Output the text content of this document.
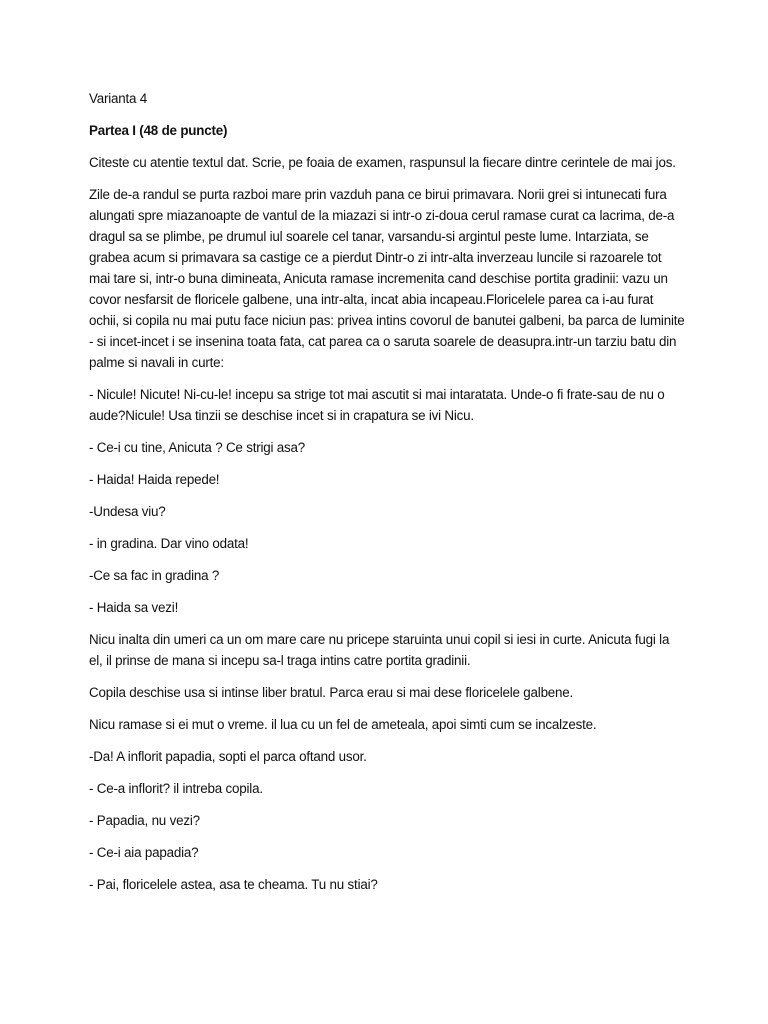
Varianta 4

Partea I (48 de puncte)

Citeste cu atentie textul dat. Scrie, pe foaia de examen, raspunsul la fiecare dintre cerintele de mai jos.

Zile de-a randul se purta razboi mare prin vazduh pana ce birui primavara. Norii grei si intunecati fura alungati spre miazanoapte de vantul de la miazazi si intr-o zi-doua cerul ramase curat ca lacrima, de-a dragul sa se plimbe, pe drumul iul soarele cel tanar, varsandu-si argintul peste lume. Intarziata, se grabea acum si primavara sa castige ce a pierdut Dintr-o zi intr-alta inverzeau luncile si razoarele tot mai tare si, intr-o buna dimineata, Anicuta ramase incremenita cand deschise portita gradinii: vazu un covor nesfarsit de floricele galbene, una intr-alta, incat abia incapeau.Floricelele parea ca i-au furat ochii, si copila nu mai putu face niciun pas: privea intins covorul de banutei galbeni, ba parca de luminite - si incet-incet i se insenina toata fata, cat parea ca o saruta soarele de deasupra.intr-un tarziu batu din palme si navali in curte:

- Nicule! Nicute! Ni-cu-le! incepu sa strige tot mai ascutit si mai intaratata. Unde-o fi frate-sau de nu o aude?Nicule! Usa tinzii se deschise incet si in crapatura se ivi Nicu.

- Ce-i cu tine, Anicuta ? Ce strigi asa?

- Haida! Haida repede!

-Undesa viu?

- in gradina. Dar vino odata!

-Ce sa fac in gradina ?

- Haida sa vezi!

Nicu inalta din umeri ca un om mare care nu pricepe staruinta unui copil si iesi in curte. Anicuta fugi la el, il prinse de mana si incepu sa-l traga intins catre portita gradinii.

Copila deschise usa si intinse liber bratul. Parca erau si mai dese floricelele galbene.

Nicu ramase si ei mut o vreme. il lua cu un fel de ameteala, apoi simti cum se incalzeste.

-Da! A inflorit papadia, sopti el parca oftand usor.

- Ce-a inflorit? il intreba copila.

- Papadia, nu vezi?

- Ce-i aia papadia?

- Pai, floricelele astea, asa te cheama. Tu nu stiai?
